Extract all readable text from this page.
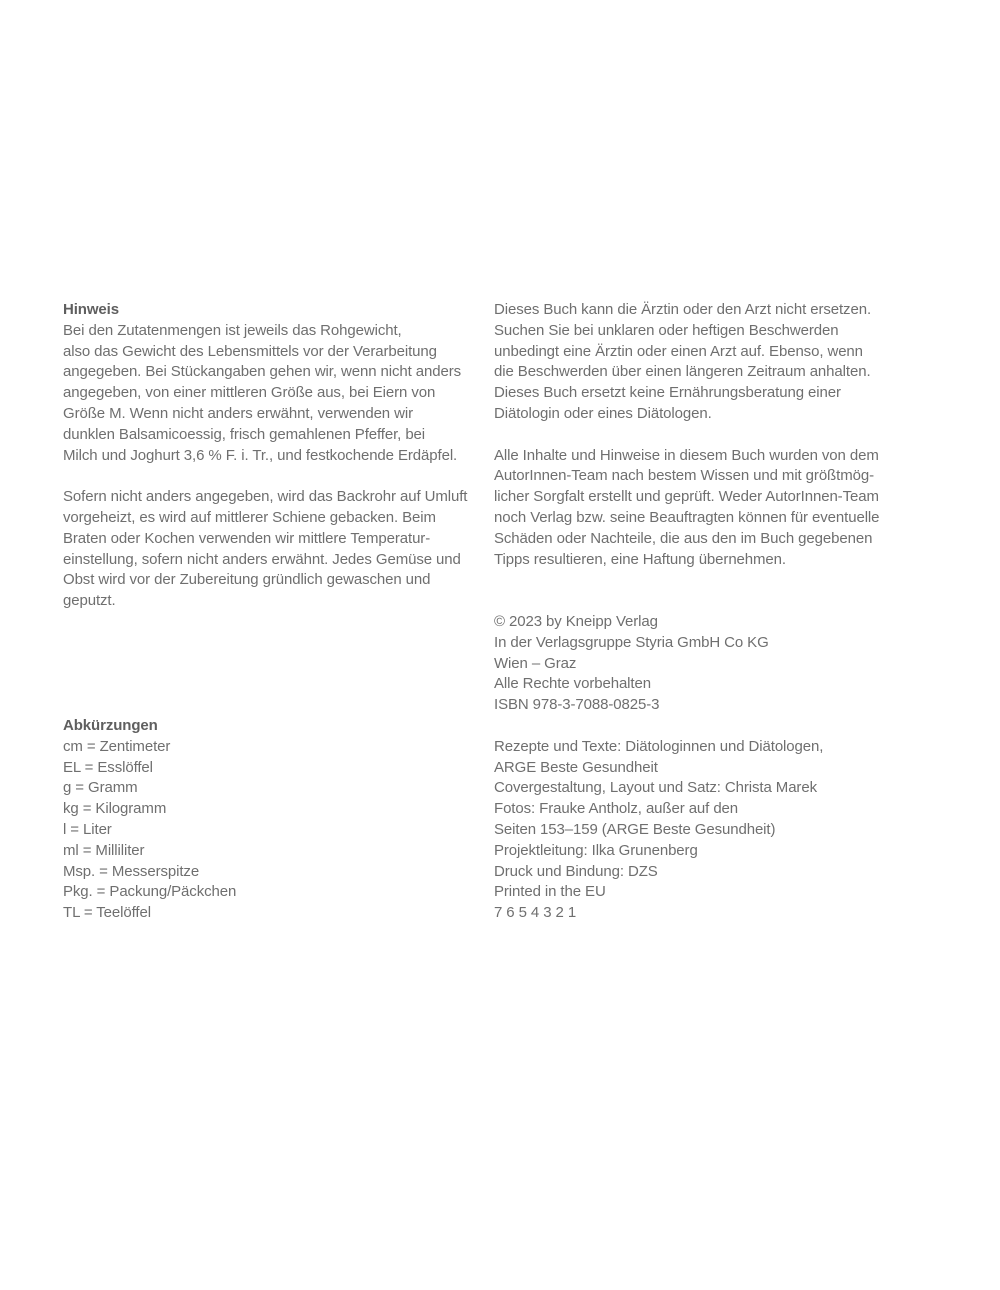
Hinweis
Bei den Zutatenmengen ist jeweils das Rohgewicht,
also das Gewicht des Lebensmittels vor der Verarbeitung
angegeben. Bei Stückangaben gehen wir, wenn nicht anders
angegeben, von einer mittleren Größe aus, bei Eiern von
Größe M. Wenn nicht anders erwähnt, verwenden wir
dunklen Balsamicoessig, frisch gemahlenen Pfeffer, bei
Milch und Joghurt 3,6 % F. i. Tr., und festkochende Erdäpfel.
Sofern nicht anders angegeben, wird das Backrohr auf Umluft
vorgeheizt, es wird auf mittlerer Schiene gebacken. Beim
Braten oder Kochen verwenden wir mittlere Temperatur-
einstellung, sofern nicht anders erwähnt. Jedes Gemüse und
Obst wird vor der Zubereitung gründlich gewaschen und
geputzt.
Abkürzungen
cm = Zentimeter
EL = Esslöffel
g = Gramm
kg = Kilogramm
l = Liter
ml = Milliliter
Msp. = Messerspitze
Pkg. = Packung/Päckchen
TL = Teelöffel
Dieses Buch kann die Ärztin oder den Arzt nicht ersetzen.
Suchen Sie bei unklaren oder heftigen Beschwerden
unbedingt eine Ärztin oder einen Arzt auf. Ebenso, wenn
die Beschwerden über einen längeren Zeitraum anhalten.
Dieses Buch ersetzt keine Ernährungsberatung einer
Diätologin oder eines Diätologen.
Alle Inhalte und Hinweise in diesem Buch wurden von dem
AutorInnen-Team nach bestem Wissen und mit größtmög-
licher Sorgfalt erstellt und geprüft. Weder AutorInnen-Team
noch Verlag bzw. seine Beauftragten können für eventuelle
Schäden oder Nachteile, die aus den im Buch gegebenen
Tipps resultieren, eine Haftung übernehmen.
© 2023 by Kneipp Verlag
In der Verlagsgruppe Styria GmbH Co KG
Wien – Graz
Alle Rechte vorbehalten
ISBN 978-3-7088-0825-3
Rezepte und Texte: Diätologinnen und Diätologen,
ARGE Beste Gesundheit
Covergestaltung, Layout und Satz: Christa Marek
Fotos: Frauke Antholz, außer auf den
Seiten 153–159 (ARGE Beste Gesundheit)
Projektleitung: Ilka Grunenberg
Druck und Bindung: DZS
Printed in the EU
7 6 5 4 3 2 1
